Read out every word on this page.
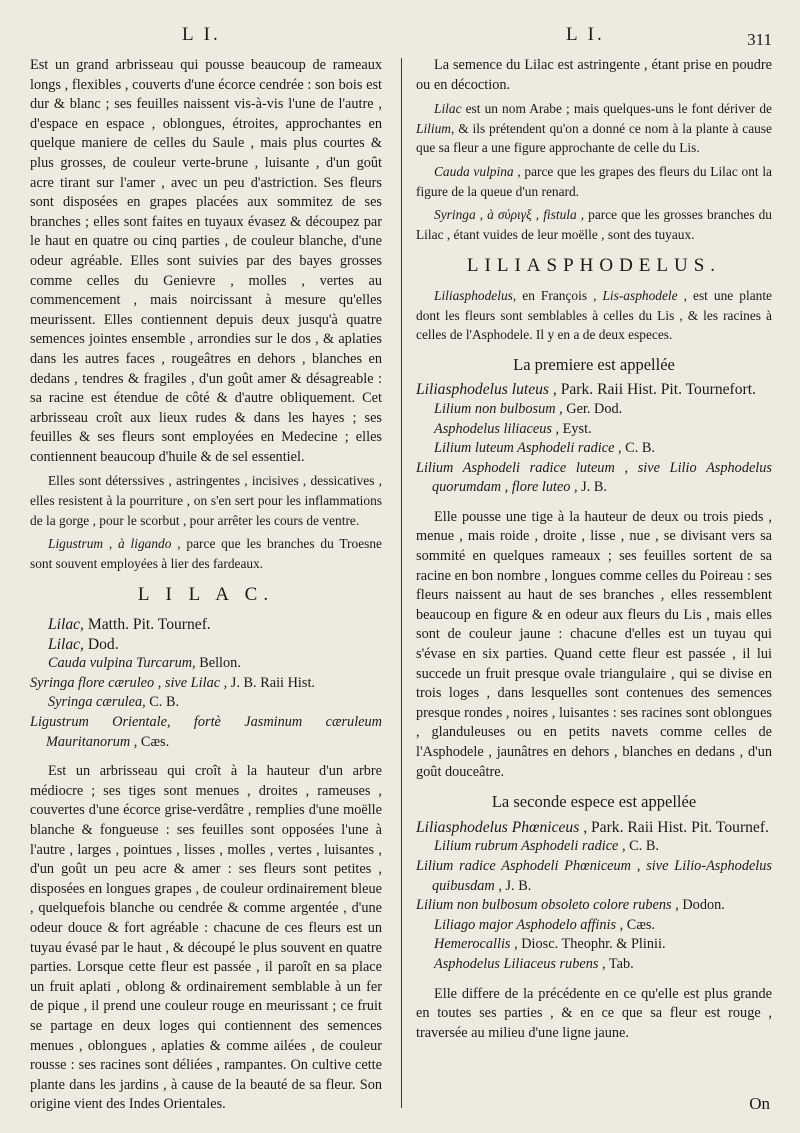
L I.	L I.	311

Est un grand arbrisseau qui pousse beaucoup de rameaux longs , flexibles , couverts d'une écorce cendrée : son bois est dur & blanc ; ses feuilles naissent vis-à-vis l'une de l'autre , d'espace en espace , oblongues, étroites, approchantes en quelque maniere de celles du Saule , mais plus courtes & plus grosses, de couleur verte-brune , luisante , d'un goût acre tirant sur l'amer , avec un peu d'astriction. Ses fleurs sont disposées en grapes placées aux sommitez de ses branches ; elles sont faites en tuyaux évasez & découpez par le haut en quatre ou cinq parties , de couleur blanche, d'une odeur agréable. Elles sont suivies par des bayes grosses comme celles du Genievre , molles , vertes au commencement , mais noircissant à mesure qu'elles meurissent. Elles contiennent depuis deux jusqu'à quatre semences jointes ensemble , arrondies sur le dos , & aplaties dans les autres faces , rougeâtres en dehors , blanches en dedans , tendres & fragiles , d'un goût amer & désagreable : sa racine est étendue de côté & d'autre obliquement. Cet arbrisseau croît aux lieux rudes & dans les hayes ; ses feuilles & ses fleurs sont employées en Medecine ; elles contiennent beaucoup d'huile & de sel essentiel.

Elles sont déterssives , astringentes , incisives , dessicatives , elles resistent à la pourriture , on s'en sert pour les inflammations de la gorge , pour le scorbut , pour arrêter les cours de ventre.

Ligustrum , à ligando , parce que les branches du Troesne sont souvent employées à lier des fardeaux.

L I L A C.
Lilac, Matth. Pit. Tournef.
Lilac, Dod.
Cauda vulpina Turcarum, Bellon.
Syringa flore cæruleo , sive Lilac , J. B. Raii Hist.
Syringa cærulea, C. B.
Ligustrum Orientale, fortè Jasminum cæruleum Mauritanorum , Cæs.

Est un arbrisseau qui croît à la hauteur d'un arbre médiocre ; ses tiges sont menues , droites , rameuses , couvertes d'une écorce grise-verdâtre , remplies d'une moëlle blanche & fongueuse : ses feuilles sont opposées l'une à l'autre , larges , pointues , lisses , molles , vertes , luisantes , d'un goût un peu acre & amer : ses fleurs sont petites , disposées en longues grapes , de couleur ordinairement bleue , quelquefois blanche ou cendrée & comme argentée , d'une odeur douce & fort agréable : chacune de ces fleurs est un tuyau évasé par le haut , & découpé le plus souvent en quatre parties. Lorsque cette fleur est passée , il paroît en sa place un fruit aplati , oblong & ordinairement semblable à un fer de pique , il prend une couleur rouge en meurissant ; ce fruit se partage en deux loges qui contiennent des semences menues , oblongues , aplaties & comme ailées , de couleur rousse : ses racines sont déliées , rampantes. On cultive cette plante dans les jardins , à cause de la beauté de sa fleur. Son origine vient des Indes Orientales.

La semence du Lilac est astringente , étant prise en poudre ou en décoction.

Lilac est un nom Arabe ; mais quelques-uns le font dériver de Lilium, & ils prétendent qu'on a donné ce nom à la plante à cause que sa fleur a une figure approchante de celle du Lis.

Cauda vulpina , parce que les grapes des fleurs du Lilac ont la figure de la queue d'un renard.

Syringa , à σύριγξ , fistula , parce que les grosses branches du Lilac , étant vuides de leur moëlle , sont des tuyaux.

LILIASPHODELUS.

Liliasphodelus, en François , Lis-asphodele , est une plante dont les fleurs sont semblables à celles du Lis , & les racines à celles de l'Asphodele. Il y en a de deux especes.

La premiere est appellée
Liliasphodelus luteus , Park. Raii Hist. Pit. Tournefort.
Lilium non bulbosum , Ger. Dod.
Asphodelus liliaceus , Eyst.
Lilium luteum Asphodeli radice , C. B.
Lilium Asphodeli radice luteum , sive Lilio Asphodelus quorumdam , flore luteo , J. B.

Elle pousse une tige à la hauteur de deux ou trois pieds , menue , mais roide , droite , lisse , nue , se divisant vers sa sommité en quelques rameaux ; ses feuilles sortent de sa racine en bon nombre , longues comme celles du Poireau : ses fleurs naissent au haut de ses branches , elles ressemblent beaucoup en figure & en odeur aux fleurs du Lis , mais elles sont de couleur jaune : chacune d'elles est un tuyau qui s'évase en six parties. Quand cette fleur est passée , il lui succede un fruit presque ovale triangulaire , qui se divise en trois loges , dans lesquelles sont contenues des semences presque rondes , noires , luisantes : ses racines sont oblongues , glanduleuses ou en petits navets comme celles de l'Asphodele , jaunâtres en dehors , blanches en dedans , d'un goût douceâtre.

La seconde espece est appellée
Liliasphodelus Phœniceus , Park. Raii Hist. Pit. Tournef.
Lilium rubrum Asphodeli radice , C. B.
Lilium radice Asphodeli Phœniceum , sive Lilio-Asphodelus quibusdam , J. B.
Lilium non bulbosum obsoleto colore rubens , Dodon.
Liliago major Asphodelo affinis , Cæs.
Hemerocallis , Diosc. Theophr. & Plinii.
Asphodelus Liliaceus rubens , Tab.

Elle differe de la précédente en ce qu'elle est plus grande en toutes ses parties , & en ce que sa fleur est rouge , traversée au milieu d'une ligne jaune.

On
